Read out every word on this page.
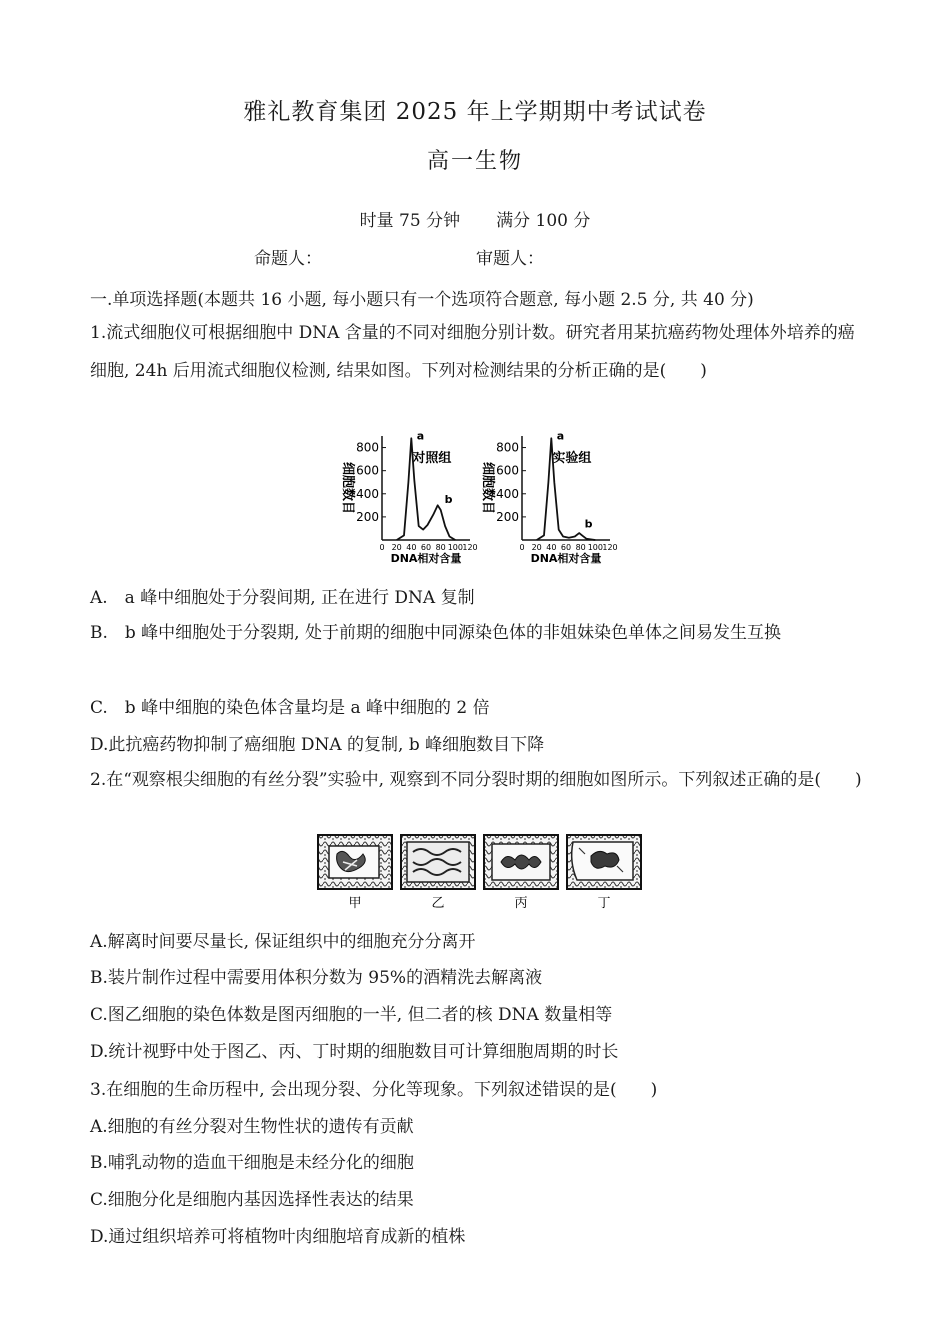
雅礼教育集团 2025 年上学期期中考试试卷
高一生物
时量 75 分钟 满分 100 分
命题人：	审题人：
一.单项选择题(本题共 16 小题, 每小题只有一个选项符合题意, 每小题 2.5 分, 共 40 分)
1.流式细胞仪可根据细胞中 DNA 含量的不同对细胞分别计数。研究者用某抗癌药物处理体外培养的癌细胞, 24h 后用流式细胞仪检测, 结果如图。下列对检测结果的分析正确的是(　　)
200
400
600
800
0 20 40 60 80 100 120
DNA相对含量
细胞数目
对照组
a
b
200
400
600
800
0 20 40 60 80 100 120
DNA相对含量
细胞数目
实验组
a
b
A.　a 峰中细胞处于分裂间期, 正在进行 DNA 复制
B.　b 峰中细胞处于分裂期, 处于前期的细胞中同源染色体的非姐妹染色单体之间易发生互换
C.　b 峰中细胞的染色体含量均是 a 峰中细胞的 2 倍
D.此抗癌药物抑制了癌细胞 DNA 的复制, b 峰细胞数目下降
2.在“观察根尖细胞的有丝分裂”实验中, 观察到不同分裂时期的细胞如图所示。下列叙述正确的是(　　)
甲	乙	丙	丁
A.解离时间要尽量长, 保证组织中的细胞充分分离开
B.装片制作过程中需要用体积分数为 95%的酒精洗去解离液
C.图乙细胞的染色体数是图丙细胞的一半, 但二者的核 DNA 数量相等
D.统计视野中处于图乙、丙、丁时期的细胞数目可计算细胞周期的时长
3.在细胞的生命历程中, 会出现分裂、分化等现象。下列叙述错误的是(　　)
A.细胞的有丝分裂对生物性状的遗传有贡献
B.哺乳动物的造血干细胞是未经分化的细胞
C.细胞分化是细胞内基因选择性表达的结果
D.通过组织培养可将植物叶肉细胞培育成新的植株
